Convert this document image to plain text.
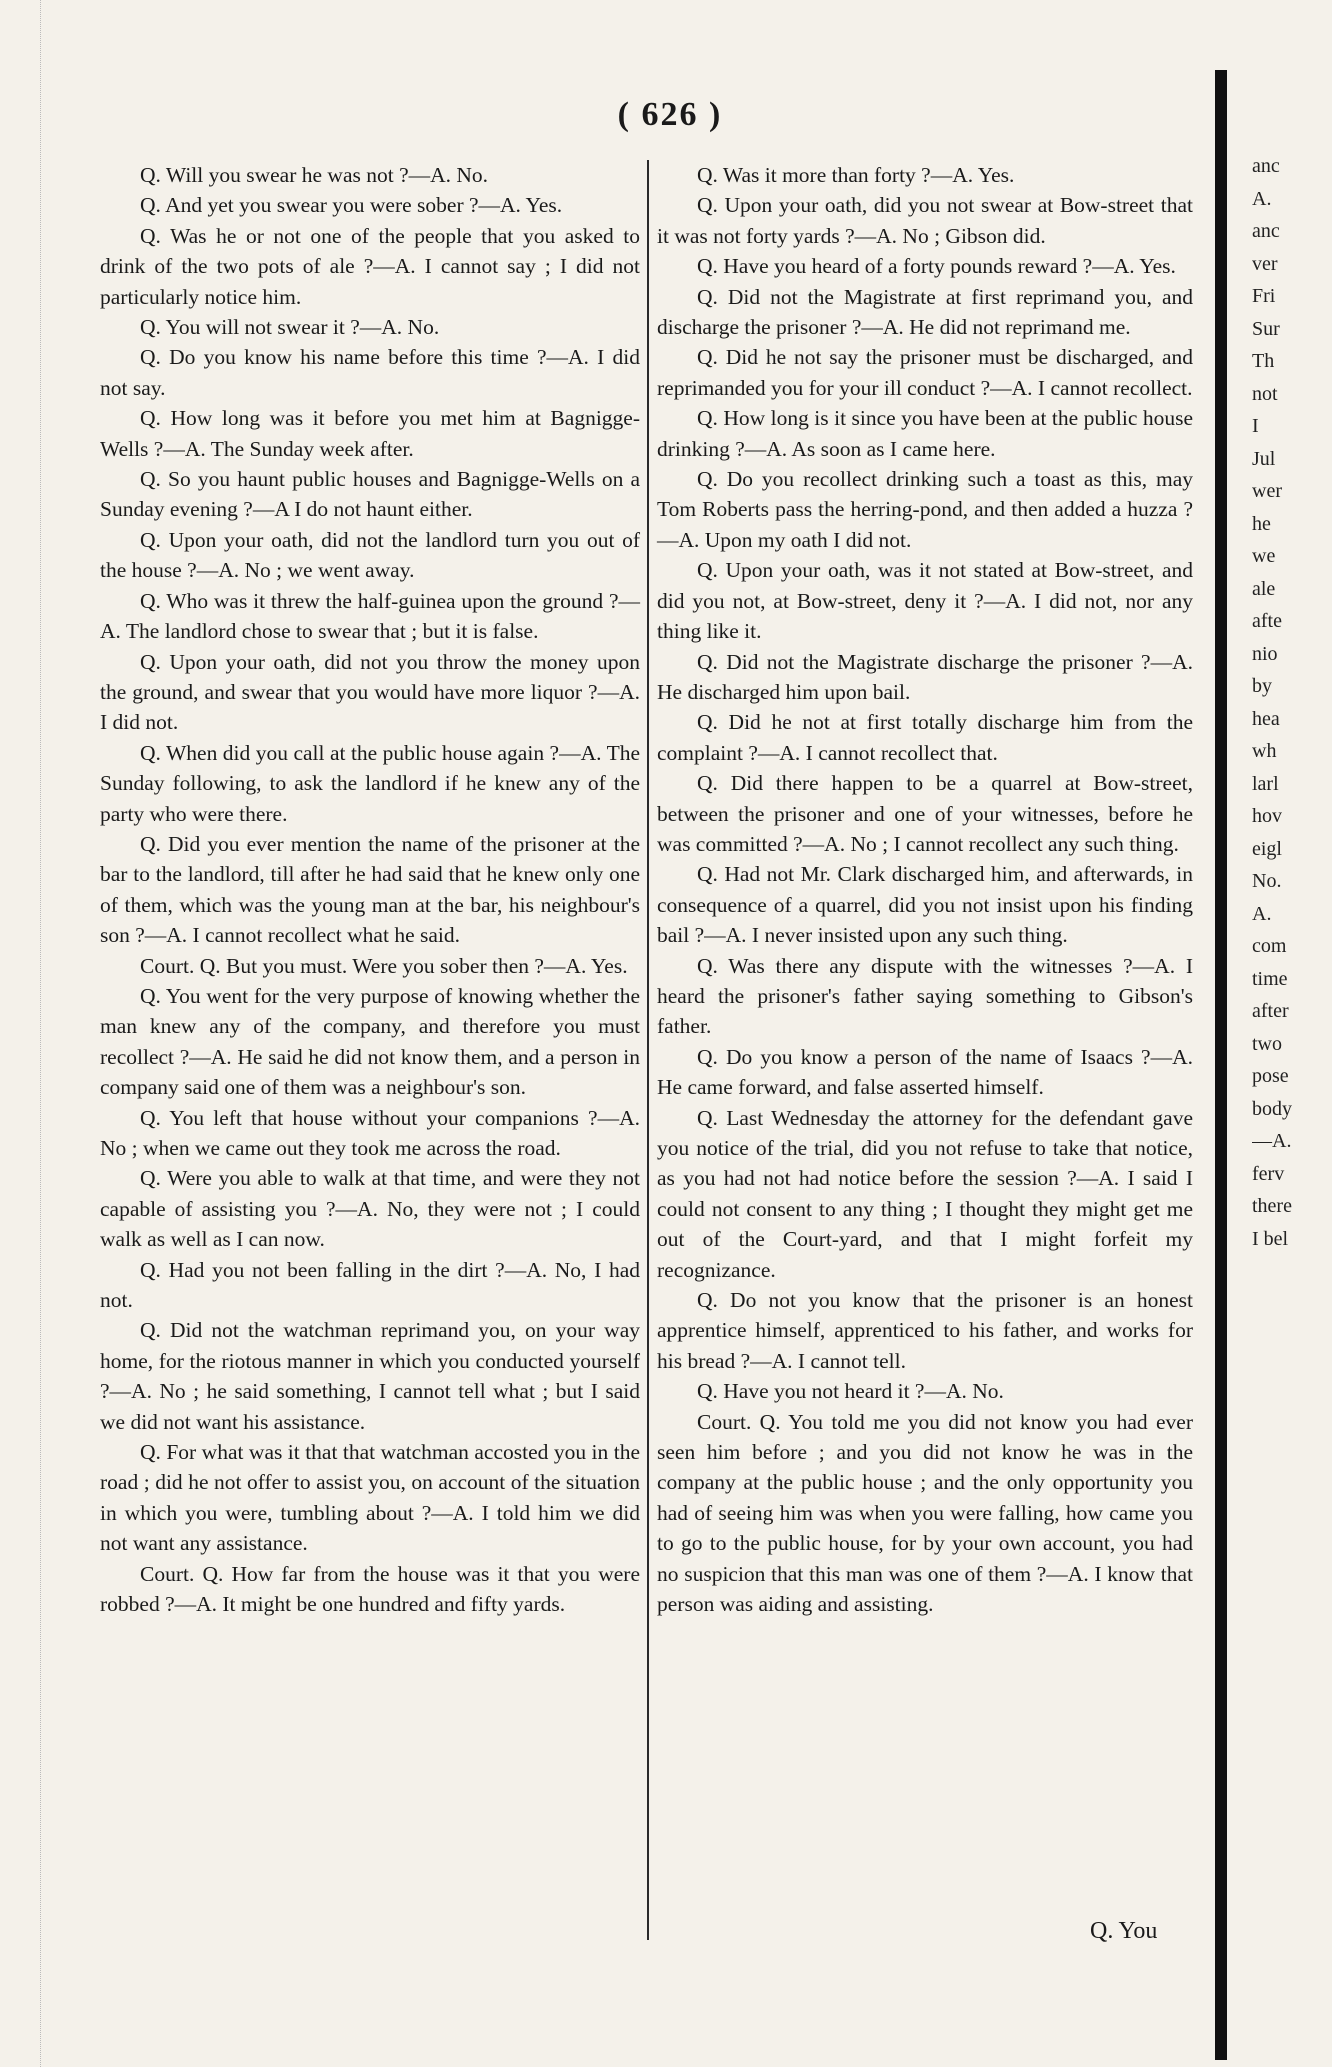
( 626 )

Q. Will you swear he was not ?—A. No.

Q. And yet you swear you were sober ?—A. Yes.

Q. Was he or not one of the people that you asked to drink of the two pots of ale ?—A. I cannot say ; I did not particularly notice him.

Q. You will not swear it ?—A. No.

Q. Do you know his name before this time ?—A. I did not say.

Q. How long was it before you met him at Bagnigge-Wells ?—A. The Sunday week after.

Q. So you haunt public houses and Bagnigge-Wells on a Sunday evening ?—A I do not haunt either.

Q. Upon your oath, did not the landlord turn you out of the house ?—A. No ; we went away.

Q. Who was it threw the half-guinea upon the ground ?—A. The landlord chose to swear that ; but it is false.

Q. Upon your oath, did not you throw the money upon the ground, and swear that you would have more liquor ?—A. I did not.

Q. When did you call at the public house again ?—A. The Sunday following, to ask the landlord if he knew any of the party who were there.

Q. Did you ever mention the name of the prisoner at the bar to the landlord, till after he had said that he knew only one of them, which was the young man at the bar, his neighbour's son ?—A. I cannot recollect what he said.

Court. Q. But you must. Were you sober then ?—A. Yes.

Q. You went for the very purpose of knowing whether the man knew any of the company, and therefore you must recollect ?—A. He said he did not know them, and a person in company said one of them was a neighbour's son.

Q. You left that house without your companions ?—A. No ; when we came out they took me across the road.

Q. Were you able to walk at that time, and were they not capable of assisting you ?—A. No, they were not ; I could walk as well as I can now.

Q. Had you not been falling in the dirt ?—A. No, I had not.

Q. Did not the watchman reprimand you, on your way home, for the riotous manner in which you conducted yourself ?—A. No ; he said something, I cannot tell what ; but I said we did not want his assistance.

Q. For what was it that that watchman accosted you in the road ; did he not offer to assist you, on account of the situation in which you were, tumbling about ?—A. I told him we did not want any assistance.

Court. Q. How far from the house was it that you were robbed ?—A. It might be one hundred and fifty yards.

Q. Was it more than forty ?—A. Yes.

Q. Upon your oath, did you not swear at Bow-street that it was not forty yards ?—A. No ; Gibson did.

Q. Have you heard of a forty pounds reward ?—A. Yes.

Q. Did not the Magistrate at first reprimand you, and discharge the prisoner ?—A. He did not reprimand me.

Q. Did he not say the prisoner must be discharged, and reprimanded you for your ill conduct ?—A. I cannot recollect.

Q. How long is it since you have been at the public house drinking ?—A. As soon as I came here.

Q. Do you recollect drinking such a toast as this, may Tom Roberts pass the herring-pond, and then added a huzza ?—A. Upon my oath I did not.

Q. Upon your oath, was it not stated at Bow-street, and did you not, at Bow-street, deny it ?—A. I did not, nor any thing like it.

Q. Did not the Magistrate discharge the prisoner ?—A. He discharged him upon bail.

Q. Did he not at first totally discharge him from the complaint ?—A. I cannot recollect that.

Q. Did there happen to be a quarrel at Bow-street, between the prisoner and one of your witnesses, before he was committed ?—A. No ; I cannot recollect any such thing.

Q. Had not Mr. Clark discharged him, and afterwards, in consequence of a quarrel, did you not insist upon his finding bail ?—A. I never insisted upon any such thing.

Q. Was there any dispute with the witnesses ?—A. I heard the prisoner's father saying something to Gibson's father.

Q. Do you know a person of the name of Isaacs ?—A. He came forward, and false asserted himself.

Q. Last Wednesday the attorney for the defendant gave you notice of the trial, did you not refuse to take that notice, as you had not had notice before the session ?—A. I said I could not consent to any thing ; I thought they might get me out of the Court-yard, and that I might forfeit my recognizance.

Q. Do not you know that the prisoner is an honest apprentice himself, apprenticed to his father, and works for his bread ?—A. I cannot tell.

Q. Have you not heard it ?—A. No.

Court. Q. You told me you did not know you had ever seen him before ; and you did not know he was in the company at the public house ; and the only opportunity you had of seeing him was when you were falling, how came you to go to the public house, for by your own account, you had no suspicion that this man was one of them ?—A. I know that person was aiding and assisting.

Q. You
anc
A.
anc
ver
Fri
Sur
Th
not
I
Jul
wer
he
we
ale
afte
nio
by
hea
wh
larl
hov
eigl
No.
A.
com
time
after
two
pose
body
—A.
ferv
there
I bel
